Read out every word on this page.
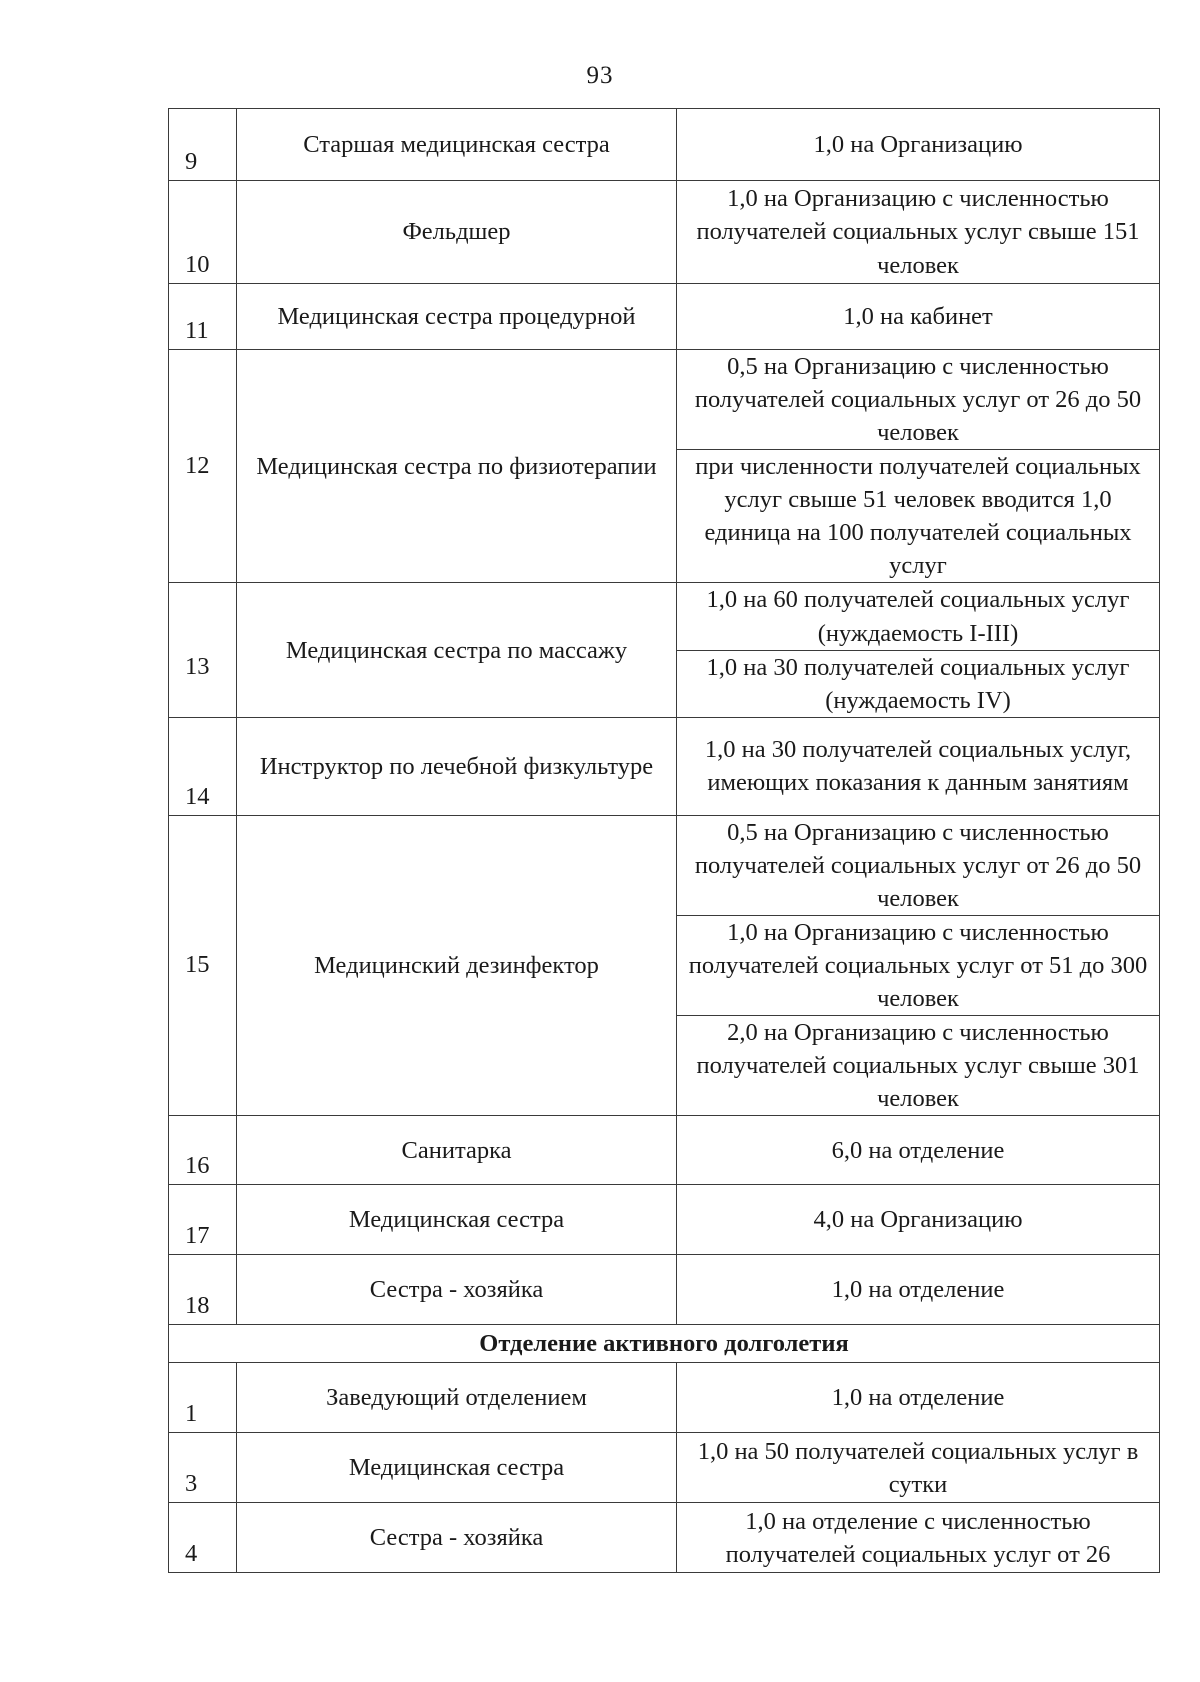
93
9	Старшая медицинская сестра	1,0 на Организацию
10	Фельдшер	1,0 на Организацию с численностью получателей социальных услуг свыше 151 человек
11	Медицинская сестра процедурной	1,0 на кабинет
12	Медицинская сестра по физиотерапии	0,5 на Организацию с численностью получателей социальных услуг от 26 до 50 человек
		при численности получателей социальных услуг свыше 51 человек вводится 1,0 единица на 100 получателей социальных услуг
13	Медицинская сестра по массажу	1,0 на 60 получателей социальных услуг (нуждаемость I-III)
		1,0 на 30 получателей социальных услуг (нуждаемость IV)
14	Инструктор по лечебной физкультуре	1,0 на 30 получателей социальных услуг, имеющих показания к данным занятиям
15	Медицинский дезинфектор	0,5 на Организацию с численностью получателей социальных услуг от 26 до 50 человек
		1,0 на Организацию с численностью получателей социальных услуг от 51 до 300 человек
		2,0 на Организацию с численностью получателей социальных услуг свыше 301 человек
16	Санитарка	6,0 на отделение
17	Медицинская сестра	4,0 на Организацию
18	Сестра - хозяйка	1,0 на отделение
Отделение активного долголетия		
1	Заведующий отделением	1,0 на отделение
3	Медицинская сестра	1,0 на 50 получателей социальных услуг в сутки
4	Сестра - хозяйка	1,0 на отделение с численностью получателей социальных услуг от 26
